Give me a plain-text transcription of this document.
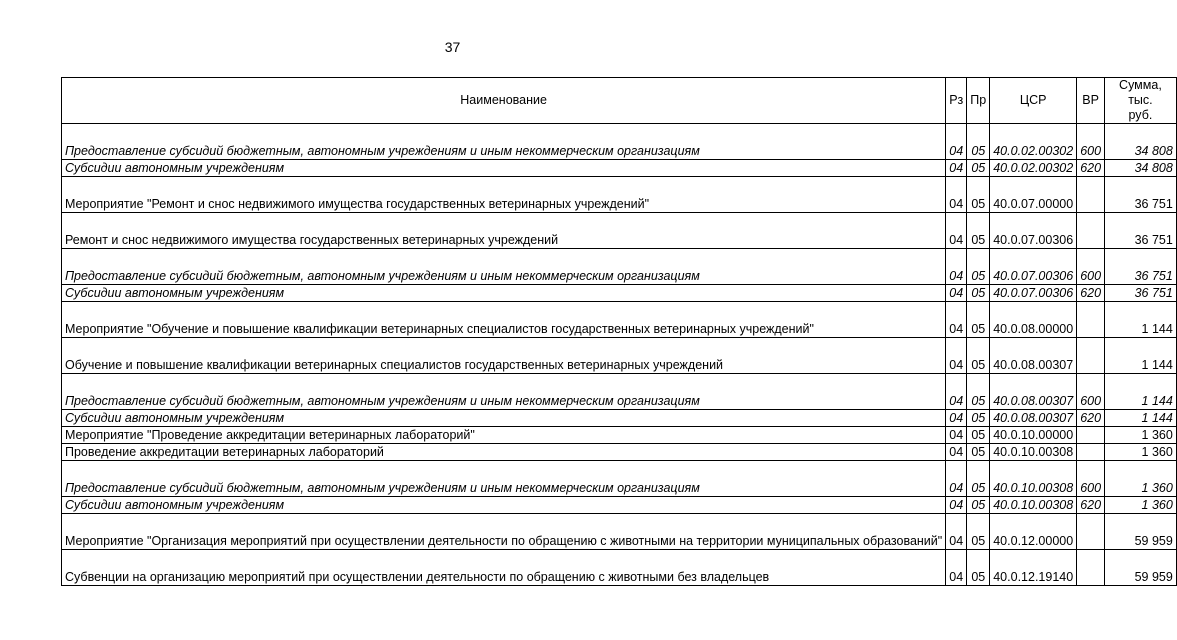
37
Наименование	Рз	Пр	ЦСР	ВР	Сумма, тыс. руб.
Предоставление субсидий бюджетным, автономным учреждениям и иным некоммерческим организациям	04	05	40.0.02.00302	600	34 808
Субсидии автономным учреждениям	04	05	40.0.02.00302	620	34 808
Мероприятие "Ремонт и снос недвижимого имущества государственных ветеринарных учреждений"	04	05	40.0.07.00000		36 751
Ремонт и снос недвижимого имущества государственных ветеринарных учреждений	04	05	40.0.07.00306		36 751
Предоставление субсидий бюджетным, автономным учреждениям и иным некоммерческим организациям	04	05	40.0.07.00306	600	36 751
Субсидии автономным учреждениям	04	05	40.0.07.00306	620	36 751
Мероприятие "Обучение и повышение квалификации ветеринарных специалистов государственных ветеринарных учреждений"	04	05	40.0.08.00000		1 144
Обучение и повышение квалификации ветеринарных специалистов государственных ветеринарных учреждений	04	05	40.0.08.00307		1 144
Предоставление субсидий бюджетным, автономным учреждениям и иным некоммерческим организациям	04	05	40.0.08.00307	600	1 144
Субсидии автономным учреждениям	04	05	40.0.08.00307	620	1 144
Мероприятие "Проведение аккредитации ветеринарных лабораторий"	04	05	40.0.10.00000		1 360
Проведение аккредитации ветеринарных лабораторий	04	05	40.0.10.00308		1 360
Предоставление субсидий бюджетным, автономным учреждениям и иным некоммерческим организациям	04	05	40.0.10.00308	600	1 360
Субсидии автономным учреждениям	04	05	40.0.10.00308	620	1 360
Мероприятие "Организация мероприятий при осуществлении деятельности по обращению с животными на территории муниципальных образований"	04	05	40.0.12.00000		59 959
Субвенции на организацию мероприятий при осуществлении деятельности по обращению с животными без владельцев	04	05	40.0.12.19140		59 959
